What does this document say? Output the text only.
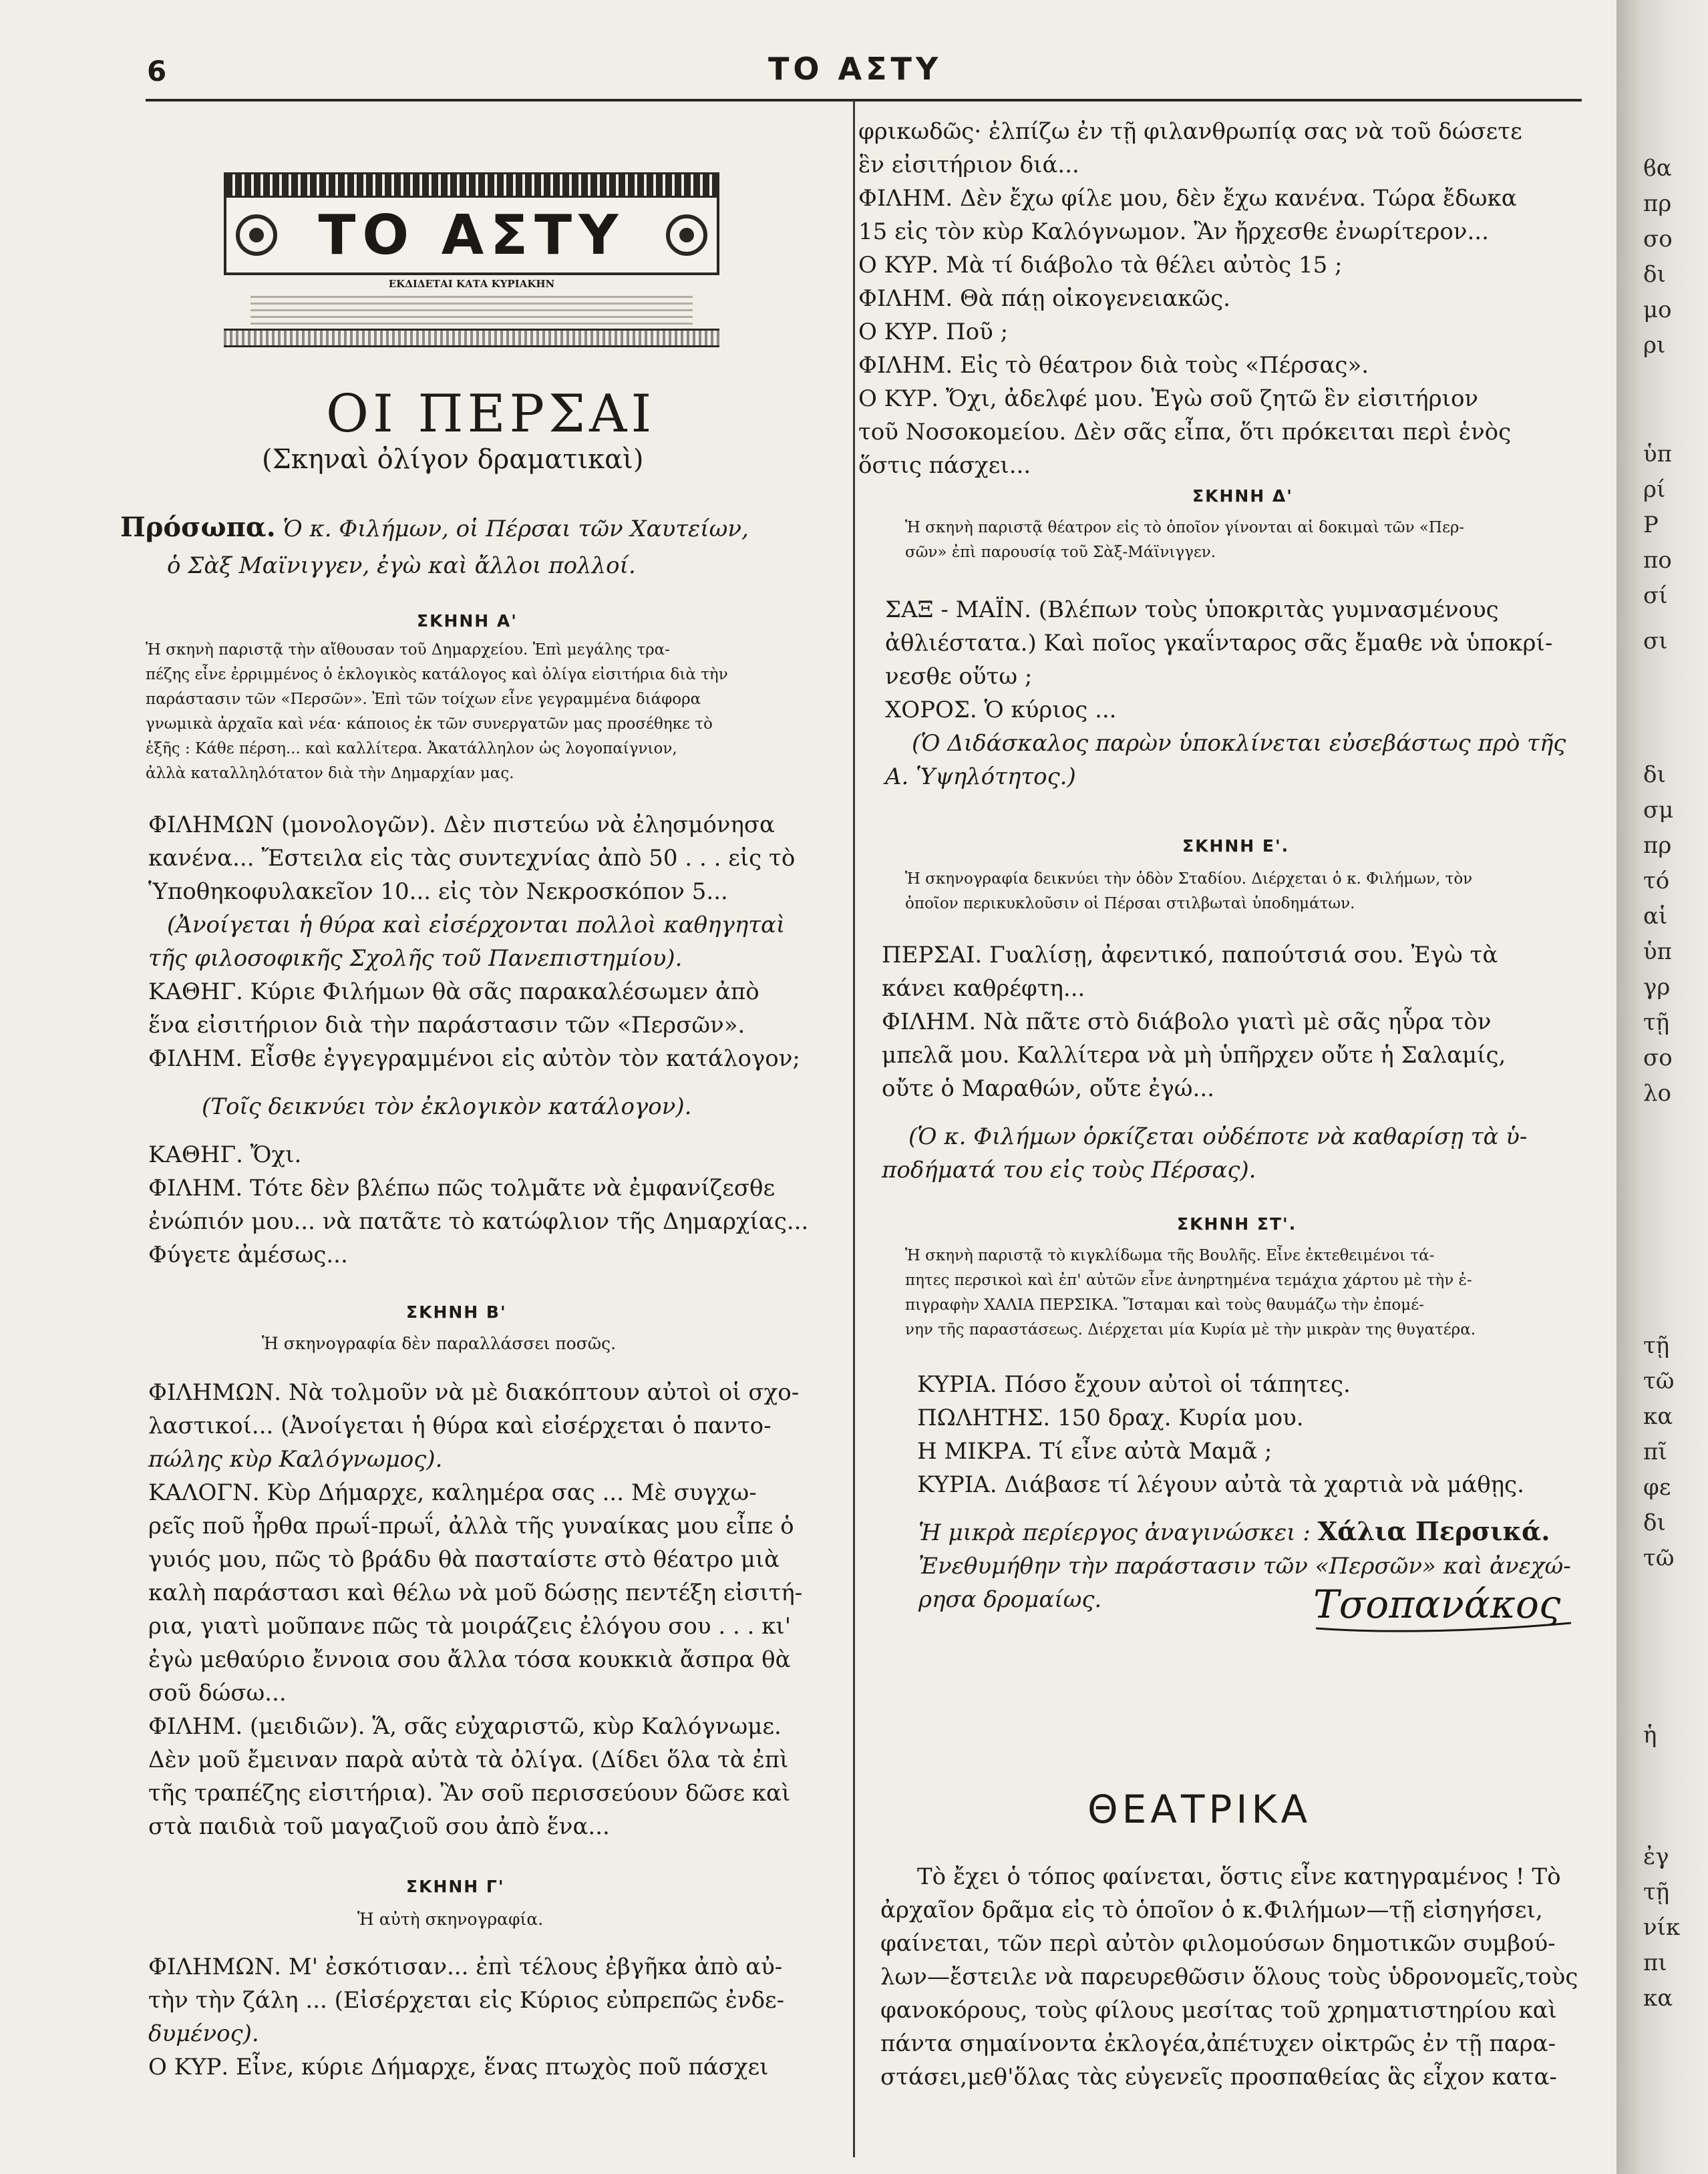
6	ΤΟ ΑΣΤΥ
ΤΟ ΑΣΤΥ
ΕΚΔΙΔΕΤΑΙ ΚΑΤΑ ΚΥΡΙΑΚΗΝ
ΟΙ ΠΕΡΣΑΙ
(Σκηναὶ ὀλίγον δραματικαὶ)
Πρόσωπα. Ὁ κ. Φιλήμων, οἱ Πέρσαι τῶν Χαυτείων,
ὁ Σὰξ Μαϊνιγγεν, ἐγὼ καὶ ἄλλοι πολλοί.
ΣΚΗΝΗ Α'
Ἡ σκηνὴ παριστᾷ τὴν αἴθουσαν τοῦ Δημαρχείου. Ἐπὶ μεγάλης τρα-
πέζης εἶνε ἐρριμμένος ὁ ἐκλογικὸς κατάλογος καὶ ὀλίγα εἰσιτήρια διὰ τὴν
παράστασιν τῶν «Περσῶν». Ἐπὶ τῶν τοίχων εἶνε γεγραμμένα διάφορα
γνωμικὰ ἀρχαῖα καὶ νέα· κάποιος ἐκ τῶν συνεργατῶν μας προσέθηκε τὸ
ἑξῆς : Κάθε πέρση... καὶ καλλίτερα. Ἀκατάλληλον ὡς λογοπαίγνιον,
ἀλλὰ καταλληλότατον διὰ τὴν Δημαρχίαν μας.
ΦΙΛΗΜΩΝ (μονολογῶν). Δὲν πιστεύω νὰ ἐλησμόνησα
κανένα... Ἔστειλα εἰς τὰς συντεχνίας ἀπὸ 50 . . . εἰς τὸ
Ὑποθηκοφυλακεῖον 10... εἰς τὸν Νεκροσκόπον 5...
(Ἀνοίγεται ἡ θύρα καὶ εἰσέρχονται πολλοὶ καθηγηταὶ
τῆς φιλοσοφικῆς Σχολῆς τοῦ Πανεπιστημίου).
ΚΑΘΗΓ. Κύριε Φιλήμων θὰ σᾶς παρακαλέσωμεν ἀπὸ
ἕνα εἰσιτήριον διὰ τὴν παράστασιν τῶν «Περσῶν».
ΦΙΛΗΜ. Εἶσθε ἐγγεγραμμένοι εἰς αὐτὸν τὸν κατάλογον;
(Τοῖς δεικνύει τὸν ἐκλογικὸν κατάλογον).
ΚΑΘΗΓ. Ὄχι.
ΦΙΛΗΜ. Τότε δὲν βλέπω πῶς τολμᾶτε νὰ ἐμφανίζεσθε
ἐνώπιόν μου... νὰ πατᾶτε τὸ κατώφλιον τῆς Δημαρχίας...
Φύγετε ἀμέσως...
ΣΚΗΝΗ Β'
Ἡ σκηνογραφία δὲν παραλλάσσει ποσῶς.
ΦΙΛΗΜΩΝ. Νὰ τολμοῦν νὰ μὲ διακόπτουν αὐτοὶ οἱ σχο-
λαστικοί... (Ἀνοίγεται ἡ θύρα καὶ εἰσέρχεται ὁ παντο-
πώλης κὺρ Καλόγνωμος).
ΚΑΛΟΓΝ. Κὺρ Δήμαρχε, καλημέρα σας ... Μὲ συγχω-
ρεῖς ποῦ ἦρθα πρωΐ-πρωΐ, ἀλλὰ τῆς γυναίκας μου εἶπε ὁ
γυιός μου, πῶς τὸ βράδυ θὰ πασταίστε στὸ θέατρο μιὰ
καλὴ παράστασι καὶ θέλω νὰ μοῦ δώσῃς πεντέξη εἰσιτή-
ρια, γιατὶ μοῦπανε πῶς τὰ μοιράζεις ἐλόγου σου . . . κι'
ἐγὼ μεθαύριο ἔννοια σου ἄλλα τόσα κουκκιὰ ἄσπρα θὰ
σοῦ δώσω...
ΦΙΛΗΜ. (μειδιῶν). Ἅ, σᾶς εὐχαριστῶ, κὺρ Καλόγνωμε.
Δὲν μοῦ ἔμειναν παρὰ αὐτὰ τὰ ὀλίγα. (Δίδει ὅλα τὰ ἐπὶ
τῆς τραπέζης εἰσιτήρια). Ἂν σοῦ περισσεύουν δῶσε καὶ
στὰ παιδιὰ τοῦ μαγαζιοῦ σου ἀπὸ ἕνα...
ΣΚΗΝΗ Γ'
Ἡ αὐτὴ σκηνογραφία.
ΦΙΛΗΜΩΝ. Μ' ἐσκότισαν... ἐπὶ τέλους ἐβγῆκα ἀπὸ αὐ-
τὴν τὴν ζάλη ... (Εἰσέρχεται εἰς Κύριος εὐπρεπῶς ἐνδε-
δυμένος).
Ο ΚΥΡ. Εἶνε, κύριε Δήμαρχε, ἕνας πτωχὸς ποῦ πάσχει
φρικωδῶς· ἐλπίζω ἐν τῇ φιλανθρωπίᾳ σας νὰ τοῦ δώσετε
ἓν εἰσιτήριον διά...
ΦΙΛΗΜ. Δὲν ἔχω φίλε μου, δὲν ἔχω κανένα. Τώρα ἔδωκα
15 εἰς τὸν κὺρ Καλόγνωμον. Ἂν ἤρχεσθε ἐνωρίτερον...
Ο ΚΥΡ. Μὰ τί διάβολο τὰ θέλει αὐτὸς 15 ;
ΦΙΛΗΜ. Θὰ πάῃ οἰκογενειακῶς.
Ο ΚΥΡ. Ποῦ ;
ΦΙΛΗΜ. Εἰς τὸ θέατρον διὰ τοὺς «Πέρσας».
Ο ΚΥΡ. Ὄχι, ἀδελφέ μου. Ἐγὼ σοῦ ζητῶ ἓν εἰσιτήριον
τοῦ Νοσοκομείου. Δὲν σᾶς εἶπα, ὅτι πρόκειται περὶ ἑνὸς
ὅστις πάσχει...
ΣΚΗΝΗ Δ'
Ἡ σκηνὴ παριστᾷ θέατρον εἰς τὸ ὁποῖον γίνονται αἱ δοκιμαὶ τῶν «Περ-
σῶν» ἐπὶ παρουσίᾳ τοῦ Σὰξ-Μάϊνιγγεν.
ΣΑΞ - ΜΑΪΝ. (Βλέπων τοὺς ὑποκριτὰς γυμνασμένους
ἀθλιέστατα.) Καὶ ποῖος γκαΐνταρος σᾶς ἔμαθε νὰ ὑποκρί-
νεσθε οὕτω ;
ΧΟΡΟΣ. Ὁ κύριος ...
(Ὁ Διδάσκαλος παρὼν ὑποκλίνεται εὐσεβάστως πρὸ τῆς
Α. Ὑψηλότητος.)
ΣΚΗΝΗ Ε'.
Ἡ σκηνογραφία δεικνύει τὴν ὁδὸν Σταδίου. Διέρχεται ὁ κ. Φιλήμων, τὸν
ὁποῖον περικυκλοῦσιν οἱ Πέρσαι στιλβωταὶ ὑποδημάτων.
ΠΕΡΣΑΙ. Γυαλίσῃ, ἀφεντικό, παπούτσιά σου. Ἐγὼ τὰ
κάνει καθρέφτη...
ΦΙΛΗΜ. Νὰ πᾶτε στὸ διάβολο γιατὶ μὲ σᾶς ηὗρα τὸν
μπελᾶ μου. Καλλίτερα νὰ μὴ ὑπῆρχεν οὔτε ἡ Σαλαμίς,
οὔτε ὁ Μαραθών, οὔτε ἐγώ...
(Ὁ κ. Φιλήμων ὁρκίζεται οὐδέποτε νὰ καθαρίσῃ τὰ ὑ-
ποδήματά του εἰς τοὺς Πέρσας).
ΣΚΗΝΗ ΣΤ'.
Ἡ σκηνὴ παριστᾷ τὸ κιγκλίδωμα τῆς Βουλῆς. Εἶνε ἐκτεθειμένοι τά-
πητες περσικοὶ καὶ ἐπ' αὐτῶν εἶνε ἀνηρτημένα τεμάχια χάρτου μὲ τὴν ἐ-
πιγραφὴν ΧΑΛΙΑ ΠΕΡΣΙΚΑ. Ἵσταμαι καὶ τοὺς θαυμάζω τὴν ἐπομέ-
νην τῆς παραστάσεως. Διέρχεται μία Κυρία μὲ τὴν μικρὰν της θυγατέρα.
ΚΥΡΙΑ. Πόσο ἔχουν αὐτοὶ οἱ τάπητες.
ΠΩΛΗΤΗΣ. 150 δραχ. Κυρία μου.
Η ΜΙΚΡΑ. Τί εἶνε αὐτὰ Μαμᾶ ;
ΚΥΡΙΑ. Διάβασε τί λέγουν αὐτὰ τὰ χαρτιὰ νὰ μάθῃς.
Ἡ μικρὰ περίεργος ἀναγινώσκει : Χάλια Περσικά.
Ἐνεθυμήθην τὴν παράστασιν τῶν «Περσῶν» καὶ ἀνεχώ-
ρησα δρομαίως.	Τσοπανάκος
ΘΕΑΤΡΙΚΑ
Τὸ ἔχει ὁ τόπος φαίνεται, ὅστις εἶνε κατηγραμένος ! Τὸ
ἀρχαῖον δρᾶμα εἰς τὸ ὁποῖον ὁ κ.Φιλήμων—τῇ εἰσηγήσει,
φαίνεται, τῶν περὶ αὐτὸν φιλομούσων δημοτικῶν συμβού-
λων—ἔστειλε νὰ παρευρεθῶσιν ὅλους τοὺς ὑδρονομεῖς,τοὺς
φανοκόρους, τοὺς φίλους μεσίτας τοῦ χρηματιστηρίου καὶ
πάντα σημαίνοντα ἐκλογέα,ἀπέτυχεν οἰκτρῶς ἐν τῇ παρα-
στάσει,μεθ'ὅλας τὰς εὐγενεῖς προσπαθείας ἃς εἶχον κατα-
ϐα
πρ
σο
δι
μο
ρι
ὑπ
ρί
Ρ
πο
σί
σι
δι
σμ
πρ
τό
αἱ
ὑπ
γρ
τῇ
σο
λο
τῇ
τῶ
κα
πῖ
φε
δι
τῶ
ἡ
ἐγ
τῇ
νίκ
πι
κα
